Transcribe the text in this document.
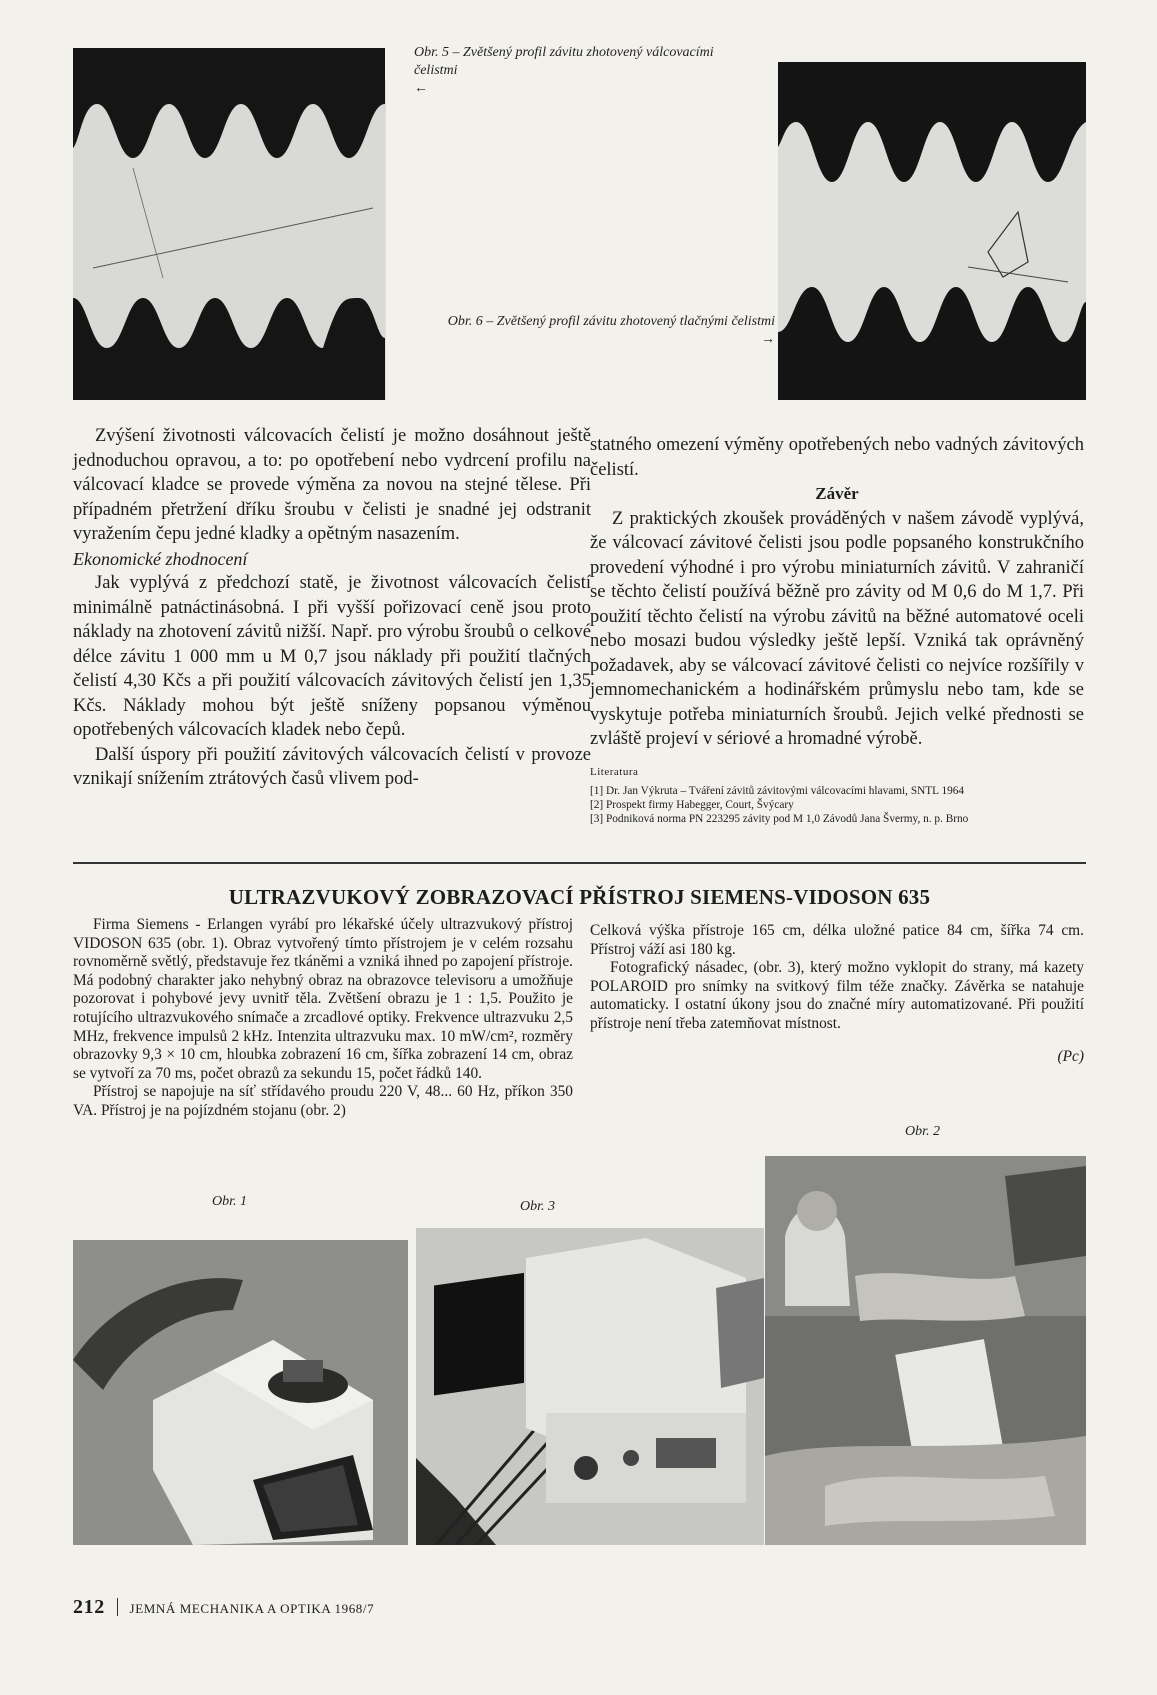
Obr. 5 – Zvětšený profil závitu zhotovený válcovacími čelistmi
←
Obr. 6 – Zvětšený profil závitu zhotovený tlačnými čelistmi
→

Zvýšení životnosti válcovacích čelistí je možno dosáhnout ještě jednoduchou opravou, a to: po opotřebení nebo vydrcení profilu na válcovací kladce se provede výměna za novou na stejné tělese. Při případném přetržení dříku šroubu v čelisti je snadné jej odstranit vyražením čepu jedné kladky a opětným nasazením.

Ekonomické zhodnocení

Jak vyplývá z předchozí statě, je životnost válcovacích čelistí minimálně patnáctinásobná. I při vyšší pořizovací ceně jsou proto náklady na zhotovení závitů nižší. Např. pro výrobu šroubů o celkové délce závitu 1 000 mm u M 0,7 jsou náklady při použití tlačných čelistí 4,30 Kčs a při použití válcovacích závitových čelistí jen 1,35 Kčs. Náklady mohou být ještě sníženy popsanou výměnou opotřebených válcovacích kladek nebo čepů.

Další úspory při použití závitových válcovacích čelistí v provoze vznikají snížením ztrátových časů vlivem pod-

statného omezení výměny opotřebených nebo vadných závitových čelistí.

Závěr

Z praktických zkoušek prováděných v našem závodě vyplývá, že válcovací závitové čelisti jsou podle popsaného konstrukčního provedení výhodné i pro výrobu miniaturních závitů. V zahraničí se těchto čelistí používá běžně pro závity od M 0,6 do M 1,7. Při použití těchto čelistí na výrobu závitů na běžné automatové oceli nebo mosazi budou výsledky ještě lepší. Vzniká tak oprávněný požadavek, aby se válcovací závitové čelisti co nejvíce rozšířily v jemnomechanickém a hodinářském průmyslu nebo tam, kde se vyskytuje potřeba miniaturních šroubů. Jejich velké přednosti se zvláště projeví v sériové a hromadné výrobě.

Literatura
[1] Dr. Jan Výkruta – Tváření závitů závitovými válcovacími hlavami, SNTL 1964
[2] Prospekt firmy Habegger, Court, Švýcary
[3] Podniková norma PN 223295 závity pod M 1,0 Závodů Jana Švermy, n. p. Brno
ULTRAZVUKOVÝ ZOBRAZOVACÍ PŘÍSTROJ SIEMENS-VIDOSON 635

Firma Siemens - Erlangen vyrábí pro lékařské účely ultrazvukový přístroj VIDOSON 635 (obr. 1). Obraz vytvořený tímto přístrojem je v celém rozsahu rovnoměrně světlý, představuje řez tkáněmi a vzniká ihned po zapojení přístroje. Má podobný charakter jako nehybný obraz na obrazovce televisoru a umožňuje pozorovat i pohybové jevy uvnitř těla. Zvětšení obrazu je 1 : 1,5. Použito je rotujícího ultrazvukového snímače a zrcadlové optiky. Frekvence ultrazvuku 2,5 MHz, frekvence impulsů 2 kHz. Intenzita ultrazvuku max. 10 mW/cm², rozměry obrazovky 9,3 × 10 cm, hloubka zobrazení 16 cm, šířka zobrazení 14 cm, obraz se vytvoří za 70 ms, počet obrazů za sekundu 15, počet řádků 140.

Přístroj se napojuje na síť střídavého proudu 220 V, 48... 60 Hz, příkon 350 VA. Přístroj je na pojízdném stojanu (obr. 2)

Celková výška přístroje 165 cm, délka uložné patice 84 cm, šířka 74 cm. Přístroj váží asi 180 kg.

Fotografický násadec, (obr. 3), který možno vyklopit do strany, má kazety POLAROID pro snímky na svitkový film téže značky. Závěrka se natahuje automaticky. I ostatní úkony jsou do značné míry automatizované. Při použití přístroje není třeba zatemňovat místnost.

(Pc)
Obr. 1	Obr. 3
Obr. 2
212 JEMNÁ MECHANIKA A OPTIKA 1968/7
